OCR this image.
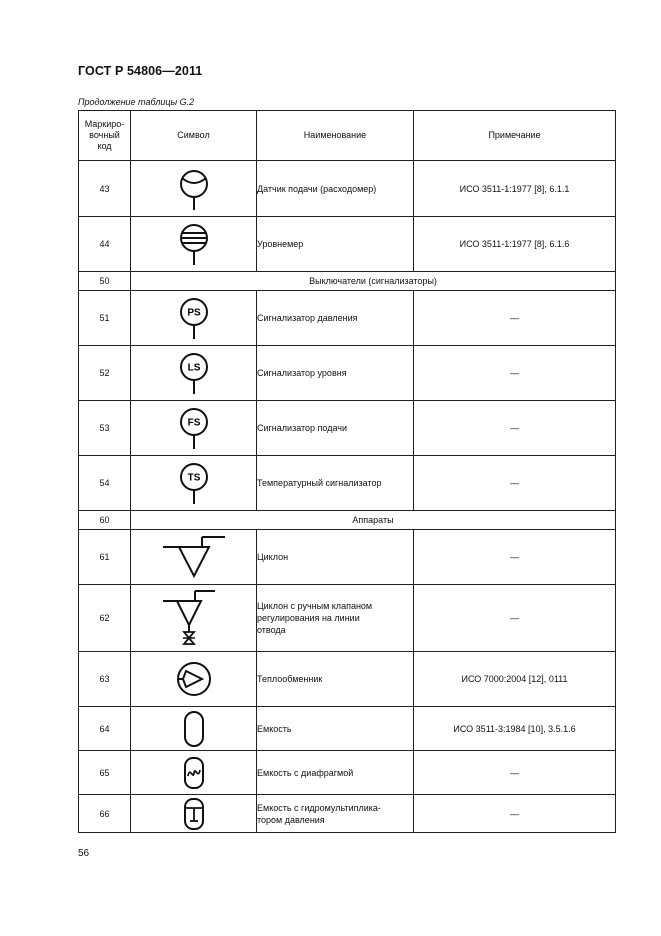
ГОСТ Р 54806—2011
Продолжение таблицы G.2
Маркиро-
вочный
код	Символ	Наименование	Примечание
43		Датчик подачи (расходомер)	ИСО 3511-1:1977 [8], 6.1.1
44		Уровнемер	ИСО 3511-1:1977 [8], 6.1.6
50	Выключатели (сигнализаторы)		
51	PS	Сигнализатор давления	—
52	LS	Сигнализатор уровня	—
53	FS	Сигнализатор подачи	—
54	TS	Температурный сигнализатор	—
60	Аппараты		
61		Циклон	—
62		Циклон с ручным клапаном
регулирования на линии
отвода	—
63		Теплообменник	ИСО 7000:2004 [12], 0111
64		Емкость	ИСО 3511-3:1984 [10], 3.5.1.6
65		Емкость с диафрагмой	—
66		Емкость с гидромультиплика-
тором давления	—
56
